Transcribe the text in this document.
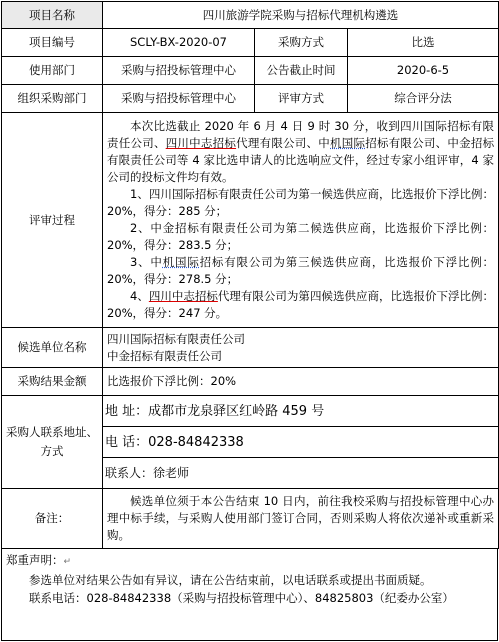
项目名称	四川旅游学院采购与招标代理机构遴选		
项目编号	SCLY-BX-2020-07	采购方式	比选
使用部门	采购与招投标管理中心	公告截止时间	2020-6-5
组织采购部门	采购与招投标管理中心	评审方式	综合评分法
评审过程	本次比选截止 2020 年 6 月 4 日 9 时 30 分，收到四川国际招标有限责任公司、四川中志招标代理有限公司、中机国际招标有限公司、中金招标有限责任公司等 4 家比选申请人的比选响应文件，经过专家小组评审，4 家公司的投标文件均有效。

1、四川国际招标有限责任公司为第一候选供应商，比选报价下浮比例：20%，得分：285 分；

2、中金招标有限责任公司为第二候选供应商，比选报价下浮比例：20%，得分：283.5 分；

3、中机国际招标有限公司为第三候选供应商，比选报价下浮比例：20%，得分：278.5 分；

4、四川中志招标代理有限公司为第四候选供应商，比选报价下浮比例：20%，得分：247 分。		

候选单位名称	四川国际招标有限责任公司
中金招标有限责任公司		

采购结果金额	比选报价下浮比例：20%		
采购人联系地址、方式	地 址：成都市龙泉驿区红岭路 459 号
电 话：028-84842338
联系人：徐老师		

备注：	候选单位须于本公告结束 10 日内，前往我校采购与招投标管理中心办理中标手续，与采购人使用部门签订合同，否则采购人将依次递补或重新采购。		

郑重声明：↵

参选单位对结果公告如有异议，请在公告结束前，以电话联系或提出书面质疑。

联系电话：028-84842338（采购与招投标管理中心）、84825803（纪委办公室）
